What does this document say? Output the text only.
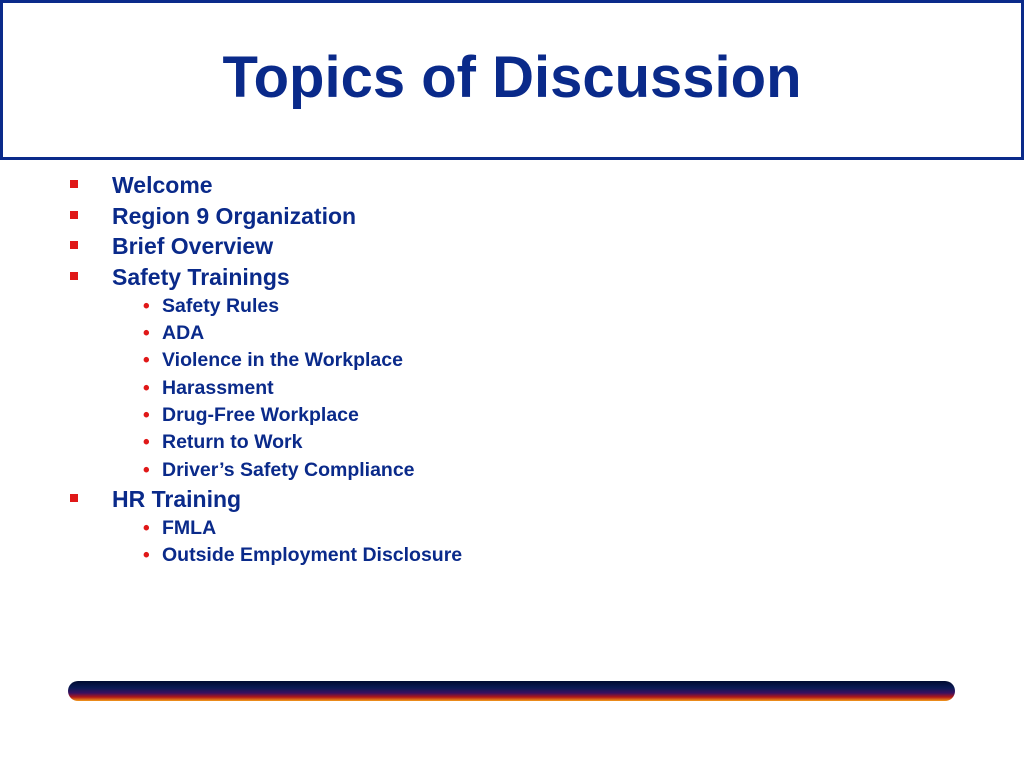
Topics of Discussion
Welcome
Region 9 Organization
Brief Overview
Safety Trainings
• Safety Rules
• ADA
• Violence in the Workplace
• Harassment
• Drug-Free Workplace
• Return to Work
• Driver’s Safety Compliance
HR Training
• FMLA
• Outside Employment Disclosure
